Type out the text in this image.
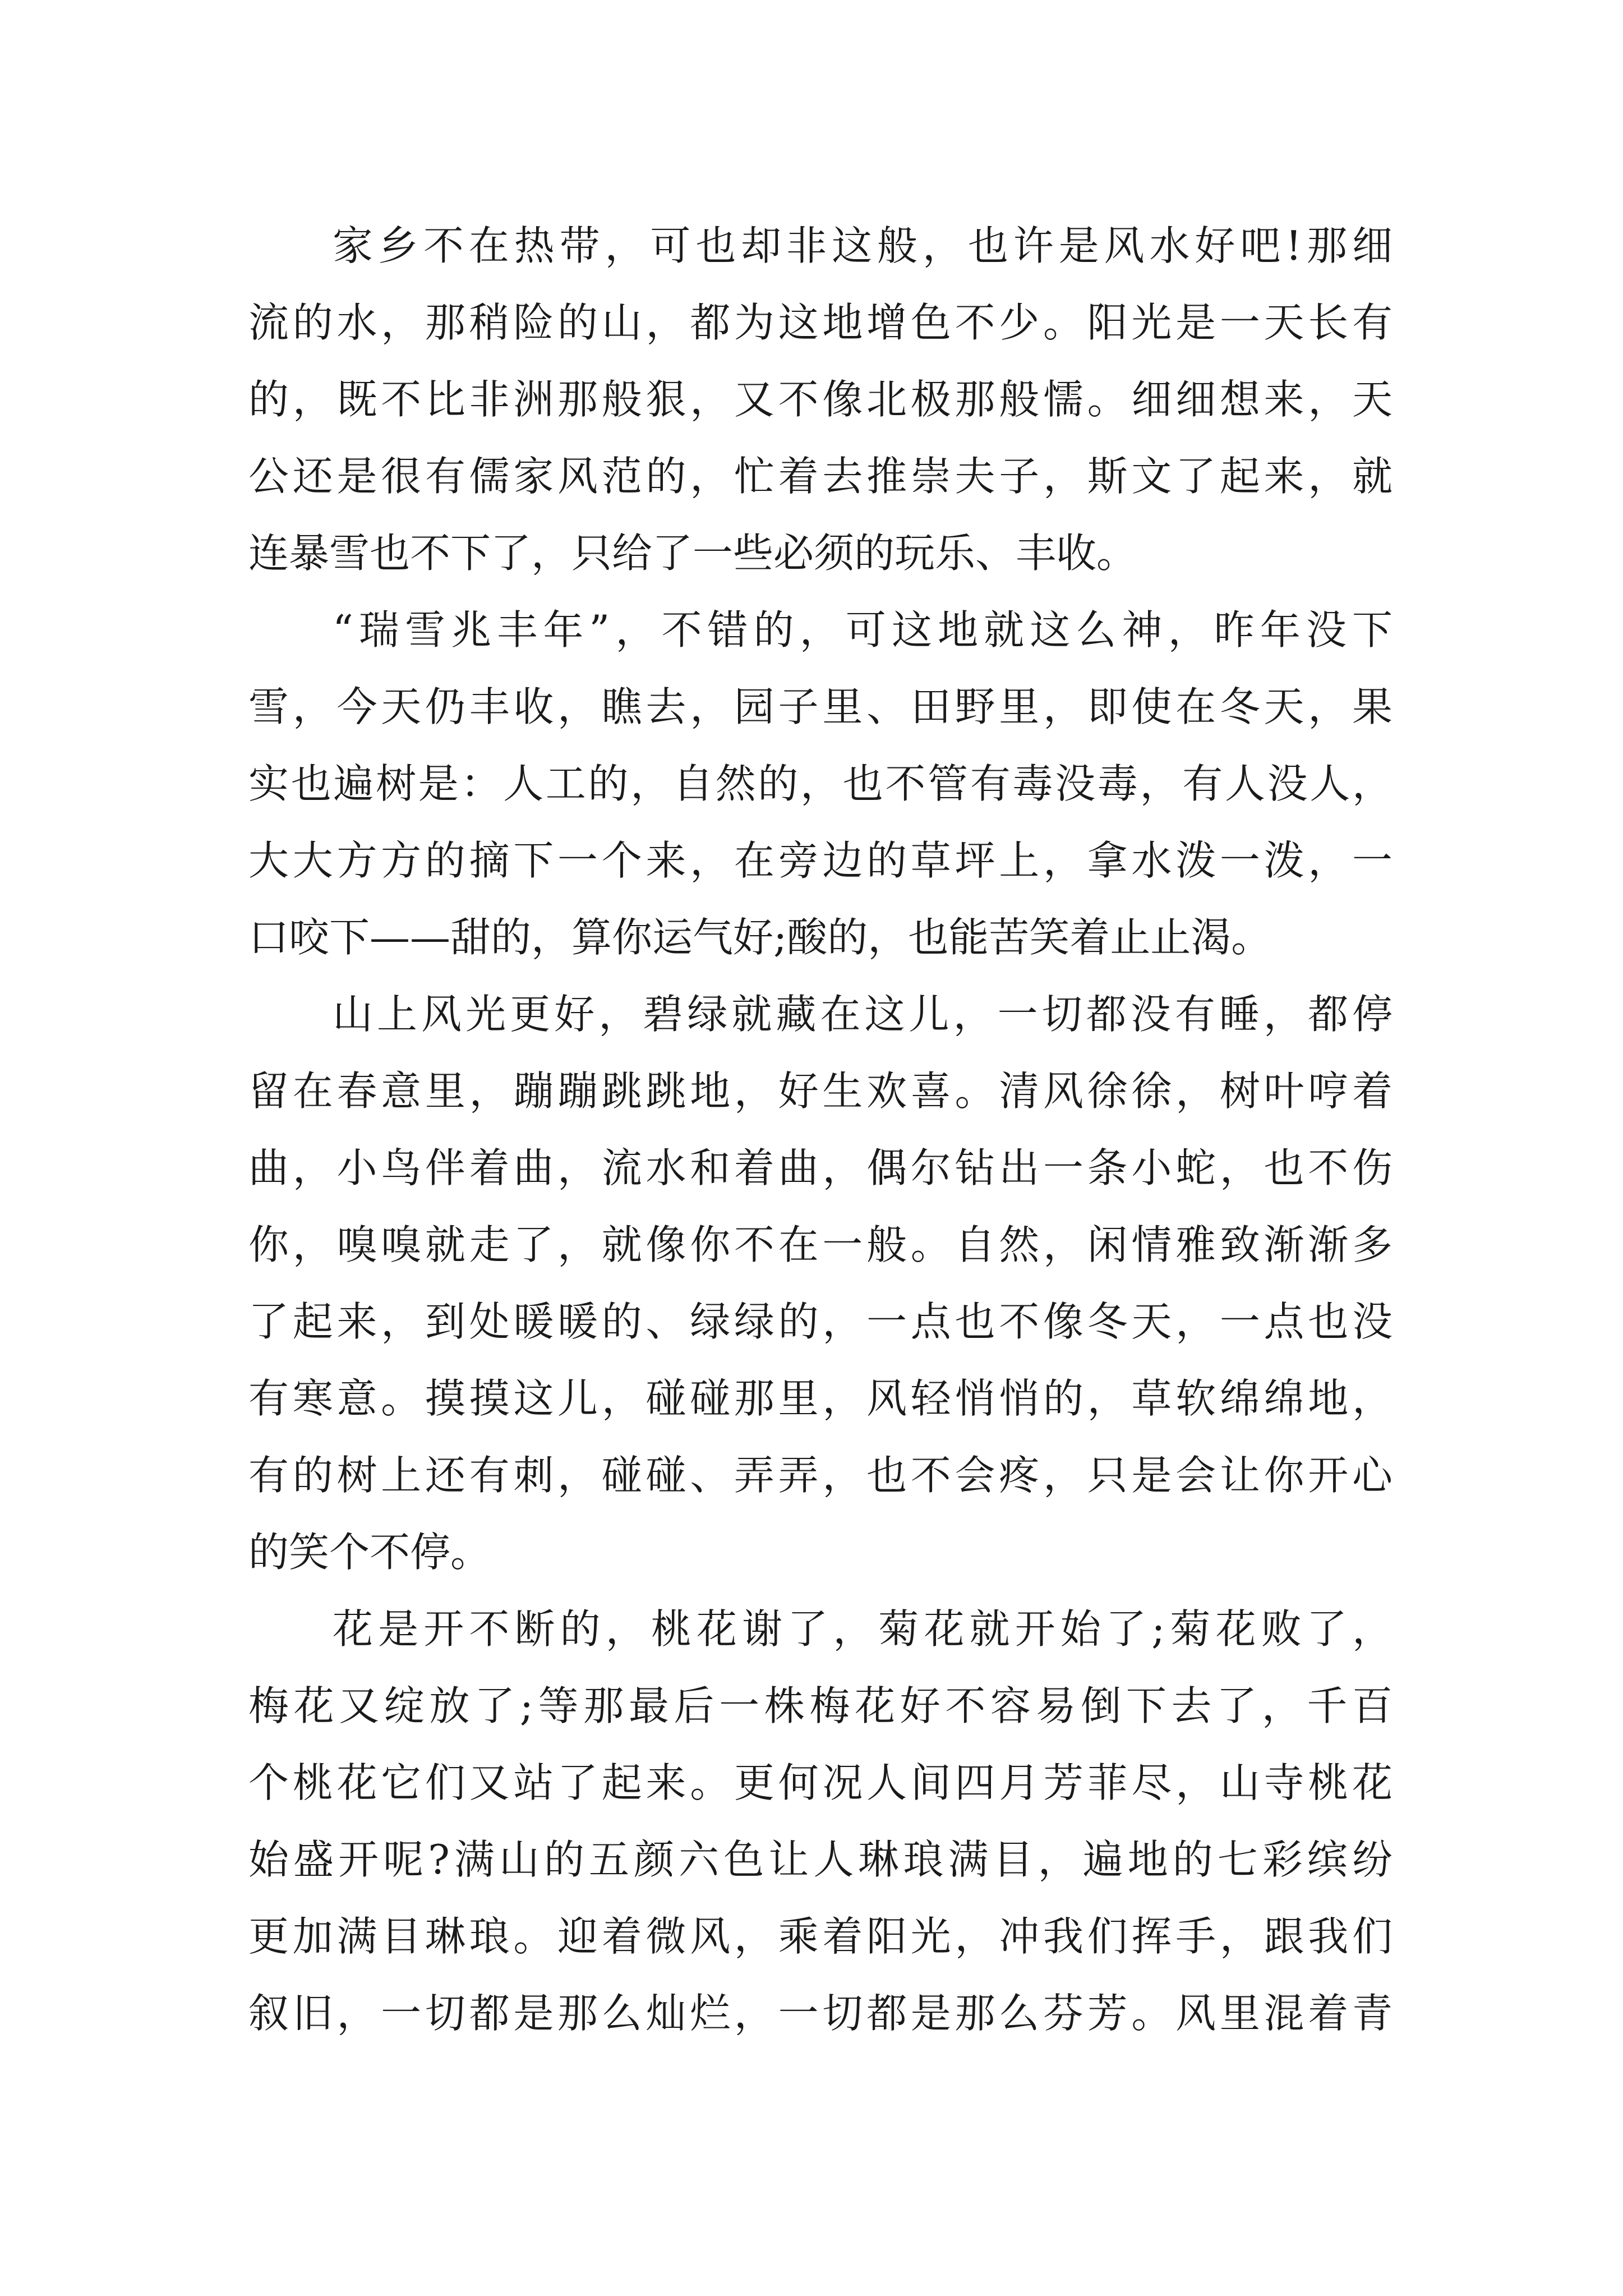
家乡不在热带，可也却非这般，也许是风水好吧!那细
流的水，那稍险的山，都为这地增色不少。阳光是一天长有
的，既不比非洲那般狠，又不像北极那般懦。细细想来，天
公还是很有儒家风范的，忙着去推崇夫子，斯文了起来，就
连暴雪也不下了，只给了一些必须的玩乐、丰收。
“瑞雪兆丰年”，不错的，可这地就这么神，昨年没下
雪，今天仍丰收，瞧去，园子里、田野里，即使在冬天，果
实也遍树是：人工的，自然的，也不管有毒没毒，有人没人，
大大方方的摘下一个来，在旁边的草坪上，拿水泼一泼，一
口咬下——甜的，算你运气好;酸的，也能苦笑着止止渴。
山上风光更好，碧绿就藏在这儿，一切都没有睡，都停
留在春意里，蹦蹦跳跳地，好生欢喜。清风徐徐，树叶哼着
曲，小鸟伴着曲，流水和着曲，偶尔钻出一条小蛇，也不伤
你，嗅嗅就走了，就像你不在一般。自然，闲情雅致渐渐多
了起来，到处暖暖的、绿绿的，一点也不像冬天，一点也没
有寒意。摸摸这儿，碰碰那里，风轻悄悄的，草软绵绵地，
有的树上还有刺，碰碰、弄弄，也不会疼，只是会让你开心
的笑个不停。
花是开不断的，桃花谢了，菊花就开始了;菊花败了，
梅花又绽放了;等那最后一株梅花好不容易倒下去了，千百
个桃花它们又站了起来。更何况人间四月芳菲尽，山寺桃花
始盛开呢?满山的五颜六色让人琳琅满目，遍地的七彩缤纷
更加满目琳琅。迎着微风，乘着阳光，冲我们挥手，跟我们
叙旧，一切都是那么灿烂，一切都是那么芬芳。风里混着青
